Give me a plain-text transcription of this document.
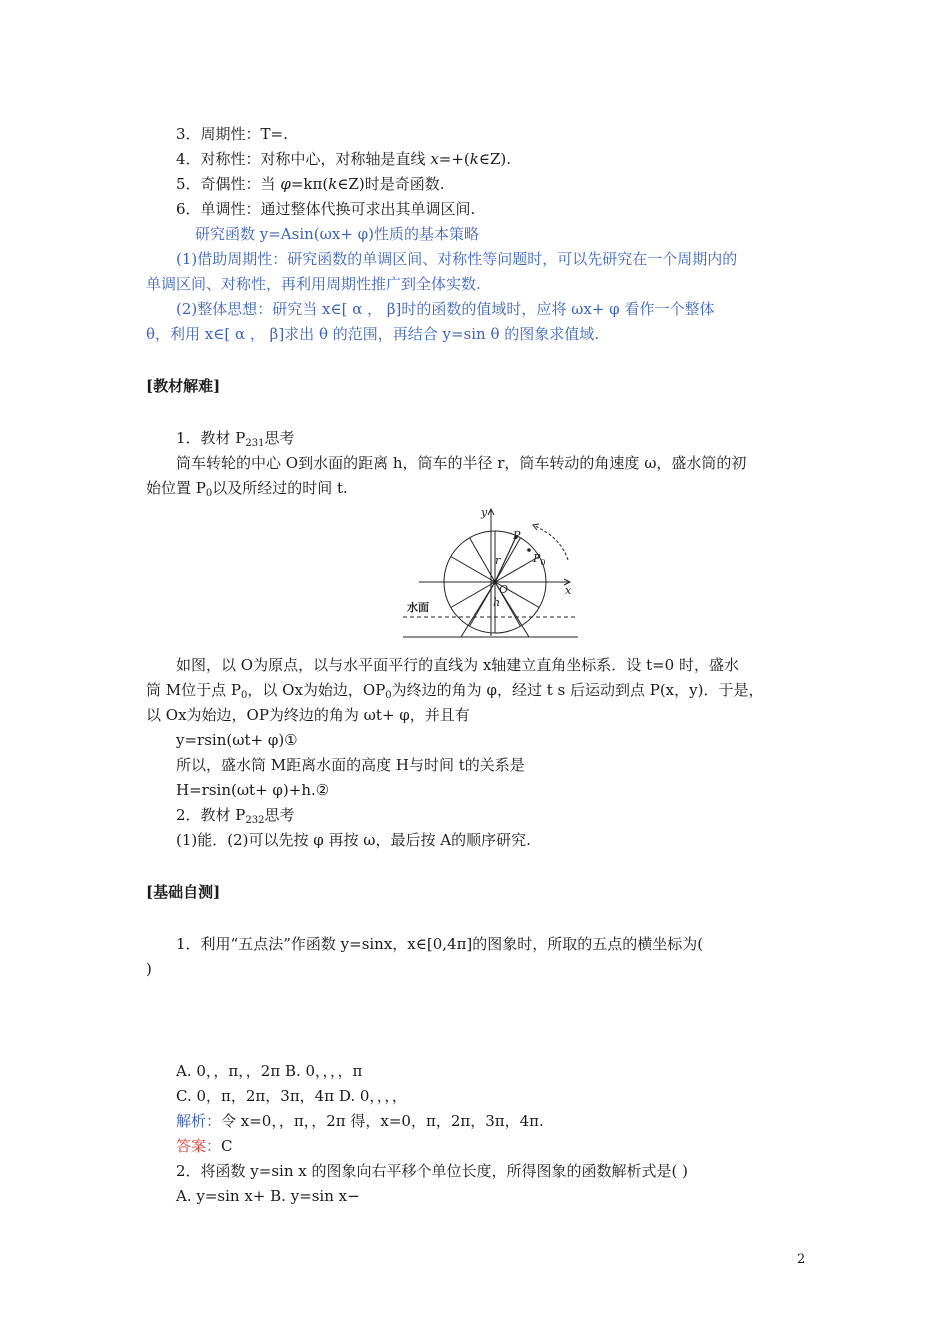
3．周期性：T=.
4．对称性：对称中心，对称轴是直线 x=+(k∈Z).
5．奇偶性：当 φ=kπ(k∈Z)时是奇函数.
6．单调性：通过整体代换可求出其单调区间.
研究函数 y=Asin(ωx+ φ)性质的基本策略
(1)借助周期性：研究函数的单调区间、对称性等问题时，可以先研究在一个周期内的
单调区间、对称性，再利用周期性推广到全体实数.
(2)整体思想：研究当 x∈[ α ， β]时的函数的值域时，应将 ωx+ φ 看作一个整体
θ，利用 x∈[ α ， β]求出 θ 的范围，再结合 y=sin θ 的图象求值域.
[教材解难]
1．教材 $P_{231}$思考
筒车转轮的中心 O到水面的距离 h，筒车的半径 r，筒车转动的角速度 ω，盛水筒的初
始位置 $P_0$以及所经过的时间 t.
y
x
P
$P_0$
r
O
h
水面
如图，以 O为原点，以与水平面平行的直线为 x轴建立直角坐标系．设 t=0 时，盛水
筒 M位于点 $P_0$，以 Ox为始边，$OP_0$为终边的角为 φ，经过 t s 后运动到点 P(x，y)．于是，
以 Ox为始边，OP为终边的角为 ωt+ φ，并且有
y=rsin(ωt+ φ)①
所以，盛水筒 M距离水面的高度 H与时间 t的关系是
H=rsin(ωt+ φ)+h.②
2．教材 $P_{232}$思考
(1)能．(2)可以先按 φ 再按 ω，最后按 A的顺序研究.
[基础自测]
1．利用“五点法”作函数 y=sinx，x∈[0,4π]的图象时，所取的五点的横坐标为(
)
A. 0，，π，，2π B. 0，，，，π
C. 0，π，2π，3π，4π D. 0，，，，
解析：令 x=0，，π，，2π 得，x=0，π，2π，3π，4π.
答案：C
2．将函数 y=sin x 的图象向右平移个单位长度，所得图象的函数解析式是( )
A. y=sin x+ B. y=sin x−
2
